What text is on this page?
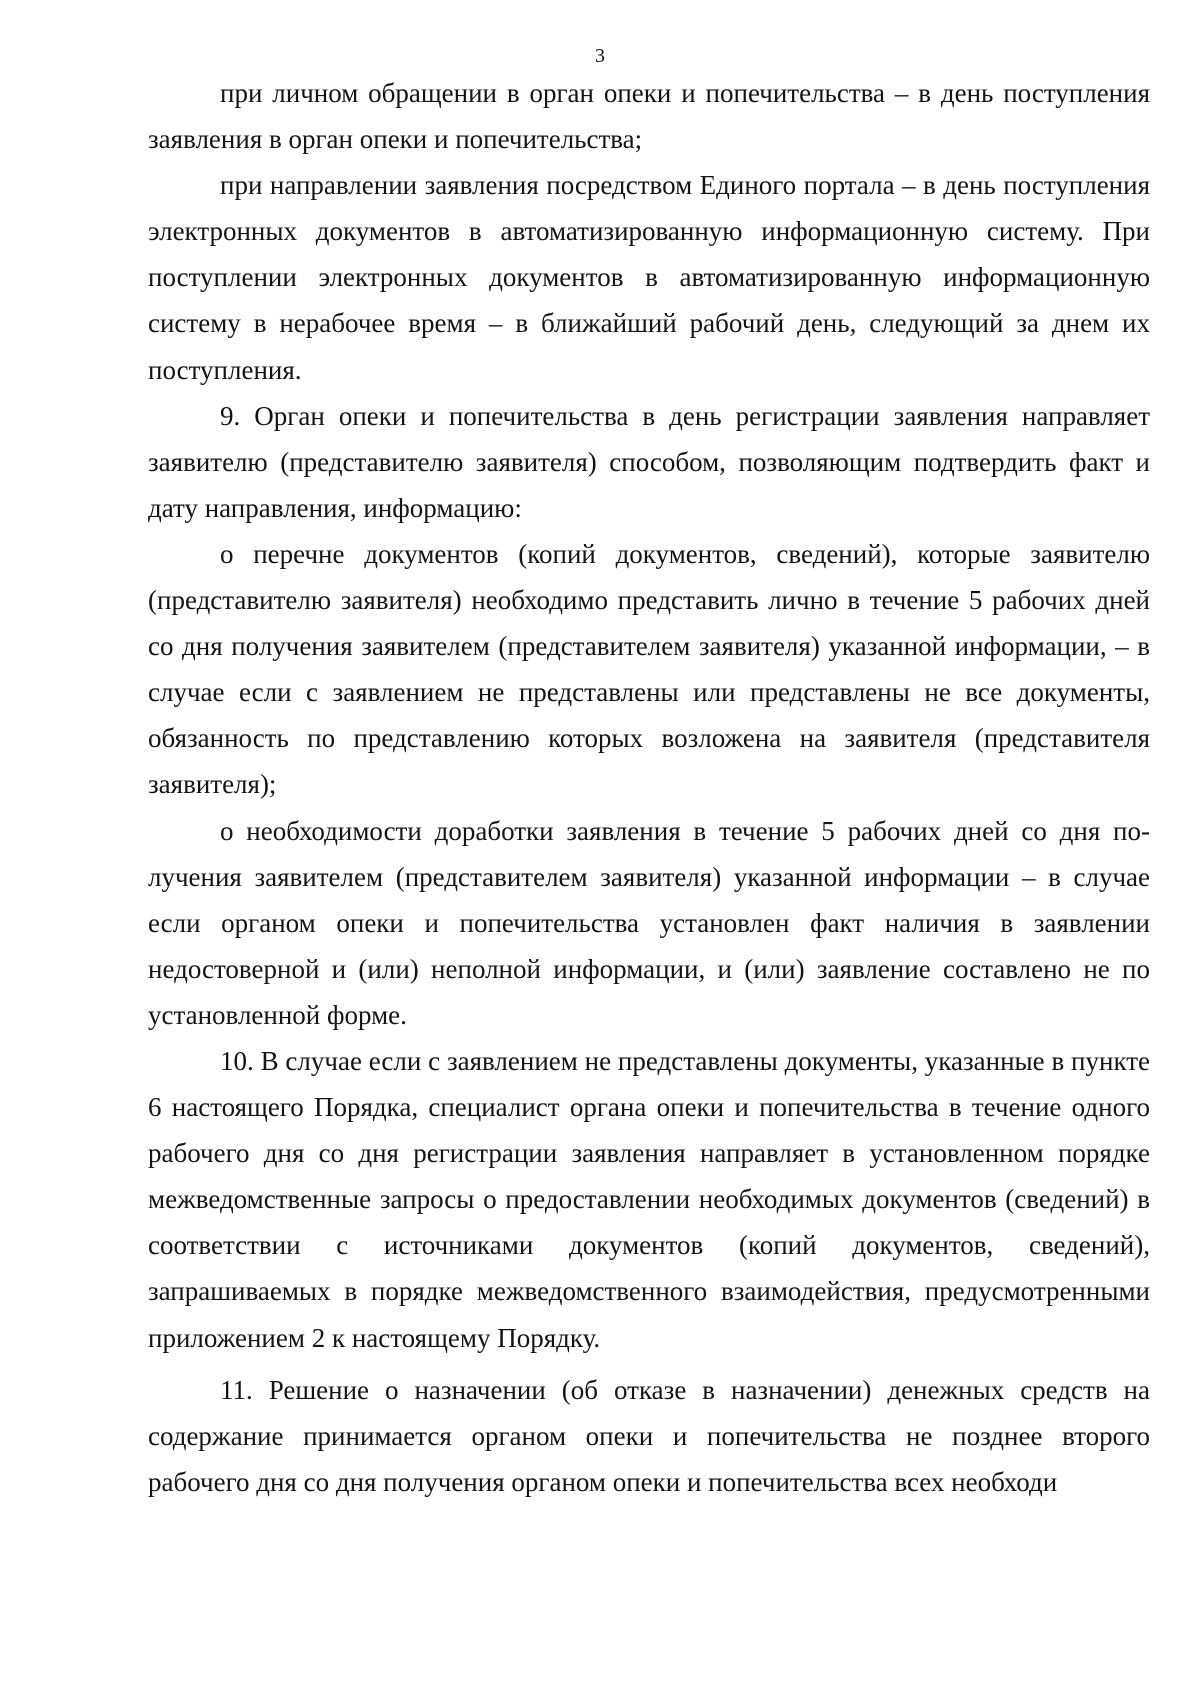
3

при личном обращении в орган опеки и попечительства – в день поступления заявления в орган опеки и попечительства;

при направлении заявления посредством Единого портала – в день поступления электронных документов в автоматизированную информационную систему. При поступлении электронных документов в автоматизированную информационную систему в нерабочее время – в ближайший рабочий день, следующий за днем их поступления.

9. Орган опеки и попечительства в день регистрации заявления направляет заявителю (представителю заявителя) способом, позволяющим подтвердить факт и дату направления, информацию:

о перечне документов (копий документов, сведений), которые заявителю (представителю заявителя) необходимо представить лично в течение 5 рабочих дней со дня получения заявителем (представителем заявителя) указанной информации, – в случае если с заявлением не представлены или представлены не все документы, обязанность по представлению которых возложена на заявителя (представителя заявителя);

о необходимости доработки заявления в течение 5 рабочих дней со дня получения заявителем (представителем заявителя) указанной информации – в случае если органом опеки и попечительства установлен факт наличия в заявлении недостоверной и (или) неполной информации, и (или) заявление составлено не по установленной форме.

10. В случае если с заявлением не представлены документы, указанные в пункте 6 настоящего Порядка, специалист органа опеки и попечительства в течение одного рабочего дня со дня регистрации заявления направляет в установленном порядке межведомственные запросы о предоставлении необходимых документов (сведений) в соответствии с источниками документов (копий документов, сведений), запрашиваемых в порядке межведомственного взаимодействия, предусмотренными приложением 2 к настоящему Порядку.

11. Решение о назначении (об отказе в назначении) денежных средств на содержание принимается органом опеки и попечительства не позднее второго рабочего дня со дня получения органом опеки и попечительства всех необходи
